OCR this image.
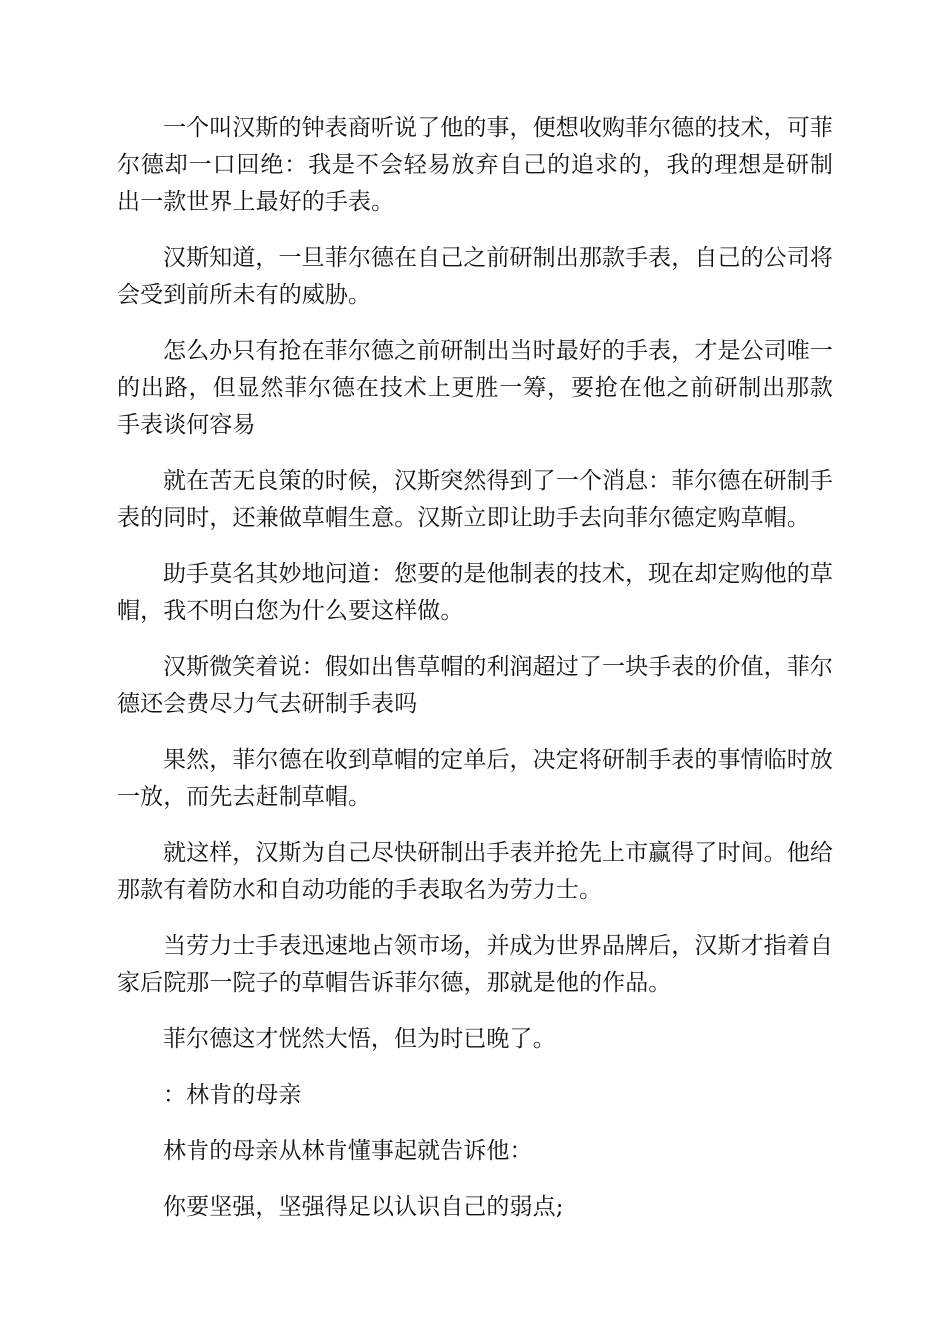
一个叫汉斯的钟表商听说了他的事，便想收购菲尔德的技术，可菲尔德却一口回绝：我是不会轻易放弃自己的追求的，我的理想是研制出一款世界上最好的手表。

汉斯知道，一旦菲尔德在自己之前研制出那款手表，自己的公司将会受到前所未有的威胁。

怎么办只有抢在菲尔德之前研制出当时最好的手表，才是公司唯一的出路，但显然菲尔德在技术上更胜一筹，要抢在他之前研制出那款手表谈何容易

就在苦无良策的时候，汉斯突然得到了一个消息：菲尔德在研制手表的同时，还兼做草帽生意。汉斯立即让助手去向菲尔德定购草帽。

助手莫名其妙地问道：您要的是他制表的技术，现在却定购他的草帽，我不明白您为什么要这样做。

汉斯微笑着说：假如出售草帽的利润超过了一块手表的价值，菲尔德还会费尽力气去研制手表吗

果然，菲尔德在收到草帽的定单后，决定将研制手表的事情临时放一放，而先去赶制草帽。

就这样，汉斯为自己尽快研制出手表并抢先上市赢得了时间。他给那款有着防水和自动功能的手表取名为劳力士。

当劳力士手表迅速地占领市场，并成为世界品牌后，汉斯才指着自家后院那一院子的草帽告诉菲尔德，那就是他的作品。

菲尔德这才恍然大悟，但为时已晚了。

：林肯的母亲

林肯的母亲从林肯懂事起就告诉他：

你要坚强，坚强得足以认识自己的弱点;
